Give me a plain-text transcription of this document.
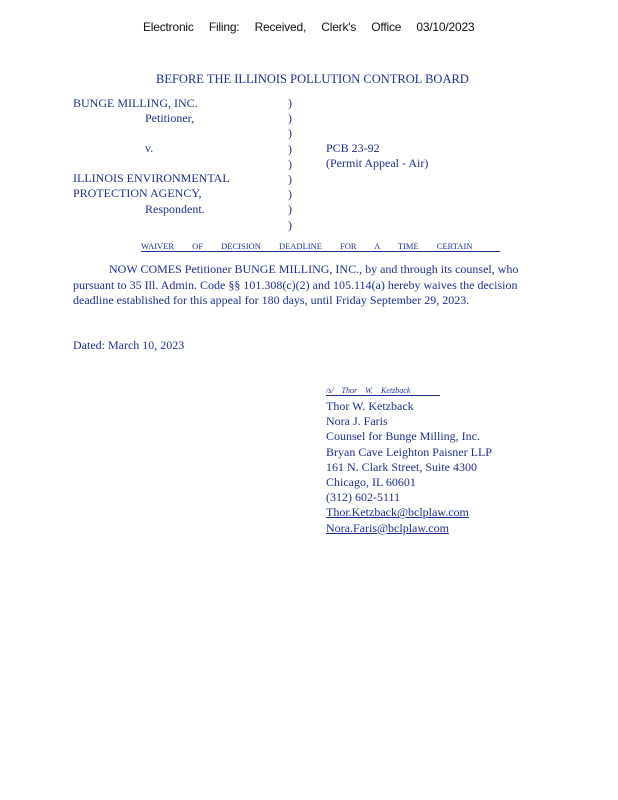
Electronic Filing: Received, Clerk's Office 03/10/2023
BEFORE THE ILLINOIS POLLUTION CONTROL BOARD
BUNGE MILLING, INC.
Petitioner,
v.
ILLINOIS ENVIRONMENTAL
PROTECTION AGENCY,
Respondent.
)
)
)
)
)
)
)
)
)
PCB 23-92
(Permit Appeal - Air)
WAIVER OF DECISION DEADLINE FOR A TIME CERTAIN
NOW COMES Petitioner BUNGE MILLING, INC., by and through its counsel, who
pursuant to 35 Ill. Admin. Code §§ 101.308(c)(2) and 105.114(a) hereby waives the decision
deadline established for this appeal for 180 days, until Friday September 29, 2023.
Dated: March 10, 2023
/s/ Thor W. Ketzback
Thor W. Ketzback
Nora J. Faris
Counsel for Bunge Milling, Inc.
Bryan Cave Leighton Paisner LLP
161 N. Clark Street, Suite 4300
Chicago, IL 60601
(312) 602-5111
Thor.Ketzback@bclplaw.com
Nora.Faris@bclplaw.com
